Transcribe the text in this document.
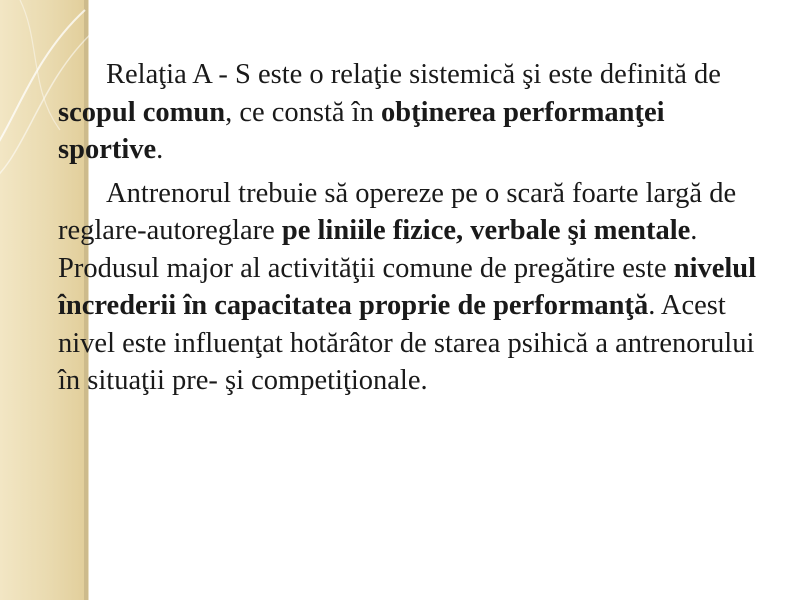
Relaţia A - S este o relaţie sistemică şi este definită de scopul comun, ce constă în obţinerea performanţei sportive.

Antrenorul trebuie să opereze pe o scară foarte largă de reglare-autoreglare pe liniile fizice, verbale şi mentale. Produsul major al activităţii comune de pregătire este nivelul încrederii în capacitatea proprie de performanţă. Acest nivel este influenţat hotărâtor de starea psihică a antrenorului în situaţii pre- şi competiţionale.
